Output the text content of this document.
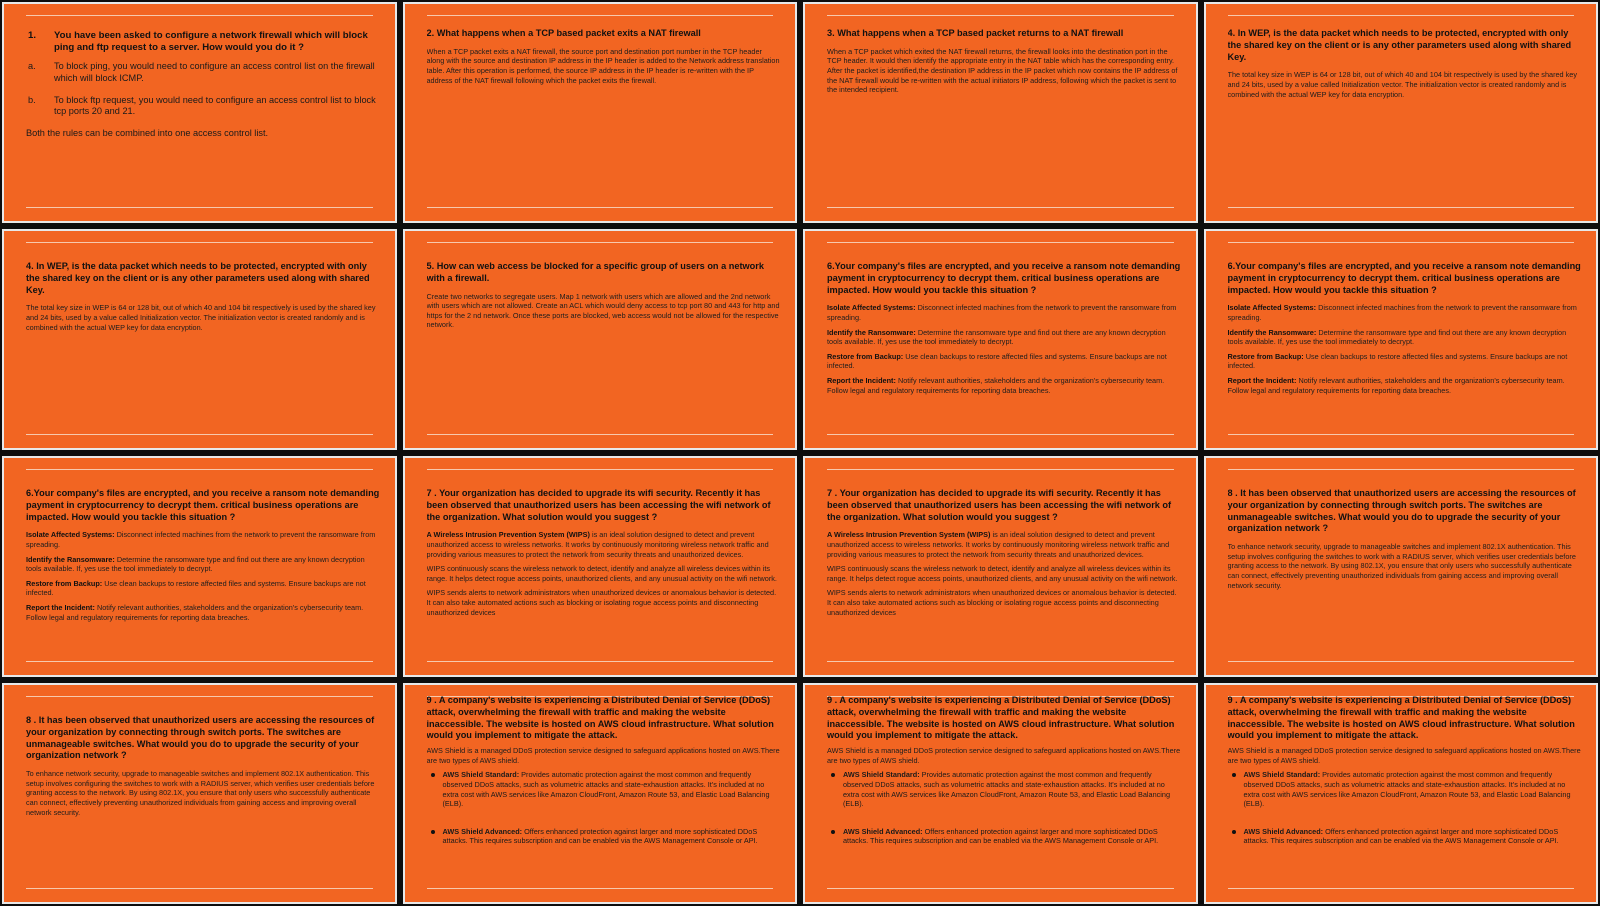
1. You have been asked to configure a network firewall which will block ping and ftp request to a server. How would you do it ?
a. To block ping, you would need to configure an access control list on the firewall which will block ICMP.
b. To block ftp request, you would need to configure an access control list to block tcp ports 20 and 21.
Both the rules can be combined into one access control list.
2. What happens when a TCP based packet exits a NAT firewall
When a TCP packet exits a NAT firewall, the source port and destination port number in the TCP header along with the source and destination IP address in the IP header is added to the Network address translation table. After this operation is performed, the source IP address in the IP header is re-written with the IP address of the NAT firewall following which the packet exits the firewall.
3. What happens when a TCP based packet returns to a NAT firewall
When a TCP packet which exited the NAT firewall returns, the firewall looks into the destination port in the TCP header. It would then identify the appropriate entry in the NAT table which has the corresponding entry. After the packet is identified,the destination IP address in the IP packet which now contains the IP address of the NAT firewall would be re-written with the actual initiators IP address, following which the packet is sent to the intended recipient.
4. In WEP, is the data packet which needs to be protected, encrypted with only the shared key on the client or is any other parameters used along with shared Key.
The total key size in WEP is 64 or 128 bit, out of which 40 and 104 bit respectively is used by the shared key and 24 bits, used by a value called Initialization vector. The initialization vector is created randomly and is combined with the actual WEP key for data encryption.
4. In WEP, is the data packet which needs to be protected, encrypted with only the shared key on the client or is any other parameters used along with shared Key.
The total key size in WEP is 64 or 128 bit, out of which 40 and 104 bit respectively is used by the shared key and 24 bits, used by a value called Initialization vector. The initialization vector is created randomly and is combined with the actual WEP key for data encryption.
5. How can web access be blocked for a specific group of users on a network with a firewall.
Create two networks to segregate users. Map 1 network with users which are allowed and the 2nd network with users which are not allowed. Create an ACL which would deny access to tcp port 80 and 443 for http and https for the 2 nd network. Once these ports are blocked, web access would not be allowed for the respective network.
6.Your company's files are encrypted, and you receive a ransom note demanding payment in cryptocurrency to decrypt them. critical business operations are impacted. How would you tackle this situation ?
Isolate Affected Systems: Disconnect infected machines from the network to prevent the ransomware from spreading.
Identify the Ransomware: Determine the ransomware type and find out there are any known decryption tools available. If, yes use the tool immediately to decrypt.
Restore from Backup: Use clean backups to restore affected files and systems. Ensure backups are not infected.
Report the Incident: Notify relevant authorities, stakeholders and the organization's cybersecurity team. Follow legal and regulatory requirements for reporting data breaches.
6.Your company's files are encrypted, and you receive a ransom note demanding payment in cryptocurrency to decrypt them. critical business operations are impacted. How would you tackle this situation ?
Isolate Affected Systems: Disconnect infected machines from the network to prevent the ransomware from spreading.
Identify the Ransomware: Determine the ransomware type and find out there are any known decryption tools available. If, yes use the tool immediately to decrypt.
Restore from Backup: Use clean backups to restore affected files and systems. Ensure backups are not infected.
Report the Incident: Notify relevant authorities, stakeholders and the organization's cybersecurity team. Follow legal and regulatory requirements for reporting data breaches.
6.Your company's files are encrypted, and you receive a ransom note demanding payment in cryptocurrency to decrypt them. critical business operations are impacted. How would you tackle this situation ?
Isolate Affected Systems: Disconnect infected machines from the network to prevent the ransomware from spreading.
Identify the Ransomware: Determine the ransomware type and find out there are any known decryption tools available. If, yes use the tool immediately to decrypt.
Restore from Backup: Use clean backups to restore affected files and systems. Ensure backups are not infected.
Report the Incident: Notify relevant authorities, stakeholders and the organization's cybersecurity team. Follow legal and regulatory requirements for reporting data breaches.
7 . Your organization has decided to upgrade its wifi security. Recently it has been observed that unauthorized users has been accessing the wifi network of the organization. What solution would you suggest ?
A Wireless Intrusion Prevention System (WIPS) is an ideal solution designed to detect and prevent unauthorized access to wireless networks. It works by continuously monitoring wireless network traffic and providing various measures to protect the network from security threats and unauthorized devices.
WIPS continuously scans the wireless network to detect, identify and analyze all wireless devices within its range. It helps detect rogue access points, unauthorized clients, and any unusual activity on the wifi network.
WIPS sends alerts to network administrators when unauthorized devices or anomalous behavior is detected. It can also take automated actions such as blocking or isolating rogue access points and disconnecting unauthorized devices
7 . Your organization has decided to upgrade its wifi security. Recently it has been observed that unauthorized users has been accessing the wifi network of the organization. What solution would you suggest ?
A Wireless Intrusion Prevention System (WIPS) is an ideal solution designed to detect and prevent unauthorized access to wireless networks. It works by continuously monitoring wireless network traffic and providing various measures to protect the network from security threats and unauthorized devices.
WIPS continuously scans the wireless network to detect, identify and analyze all wireless devices within its range. It helps detect rogue access points, unauthorized clients, and any unusual activity on the wifi network.
WIPS sends alerts to network administrators when unauthorized devices or anomalous behavior is detected. It can also take automated actions such as blocking or isolating rogue access points and disconnecting unauthorized devices
8 . It has been observed that unauthorized users are accessing the resources of your organization by connecting through switch ports. The switches are unmanageable switches. What would you do to upgrade the security of your organization network ?
To enhance network security, upgrade to manageable switches and implement 802.1X authentication. This setup involves configuring the switches to work with a RADIUS server, which verifies user credentials before granting access to the network. By using 802.1X, you ensure that only users who successfully authenticate can connect, effectively preventing unauthorized individuals from gaining access and improving overall network security.
8 . It has been observed that unauthorized users are accessing the resources of your organization by connecting through switch ports. The switches are unmanageable switches. What would you do to upgrade the security of your organization network ?
To enhance network security, upgrade to manageable switches and implement 802.1X authentication. This setup involves configuring the switches to work with a RADIUS server, which verifies user credentials before granting access to the network. By using 802.1X, you ensure that only users who successfully authenticate can connect, effectively preventing unauthorized individuals from gaining access and improving overall network security.
9 . A company's website is experiencing a Distributed Denial of Service (DDoS) attack, overwhelming the firewall with traffic and making the website inaccessible. The website is hosted on AWS cloud infrastructure. What solution would you implement to mitigate the attack.
AWS Shield is a managed DDoS protection service designed to safeguard applications hosted on AWS.There are two types of AWS shield.
AWS Shield Standard: Provides automatic protection against the most common and frequently observed DDoS attacks, such as volumetric attacks and state-exhaustion attacks. It's included at no extra cost with AWS services like Amazon CloudFront, Amazon Route 53, and Elastic Load Balancing (ELB).
AWS Shield Advanced: Offers enhanced protection against larger and more sophisticated DDoS attacks. This requires subscription and can be enabled via the AWS Management Console or API.
9 . A company's website is experiencing a Distributed Denial of Service (DDoS) attack, overwhelming the firewall with traffic and making the website inaccessible. The website is hosted on AWS cloud infrastructure. What solution would you implement to mitigate the attack.
AWS Shield is a managed DDoS protection service designed to safeguard applications hosted on AWS.There are two types of AWS shield.
AWS Shield Standard: Provides automatic protection against the most common and frequently observed DDoS attacks, such as volumetric attacks and state-exhaustion attacks. It's included at no extra cost with AWS services like Amazon CloudFront, Amazon Route 53, and Elastic Load Balancing (ELB).
AWS Shield Advanced: Offers enhanced protection against larger and more sophisticated DDoS attacks. This requires subscription and can be enabled via the AWS Management Console or API.
9 . A company's website is experiencing a Distributed Denial of Service (DDoS) attack, overwhelming the firewall with traffic and making the website inaccessible. The website is hosted on AWS cloud infrastructure. What solution would you implement to mitigate the attack.
AWS Shield is a managed DDoS protection service designed to safeguard applications hosted on AWS.There are two types of AWS shield.
AWS Shield Standard: Provides automatic protection against the most common and frequently observed DDoS attacks, such as volumetric attacks and state-exhaustion attacks. It's included at no extra cost with AWS services like Amazon CloudFront, Amazon Route 53, and Elastic Load Balancing (ELB).
AWS Shield Advanced: Offers enhanced protection against larger and more sophisticated DDoS attacks. This requires subscription and can be enabled via the AWS Management Console or API.
